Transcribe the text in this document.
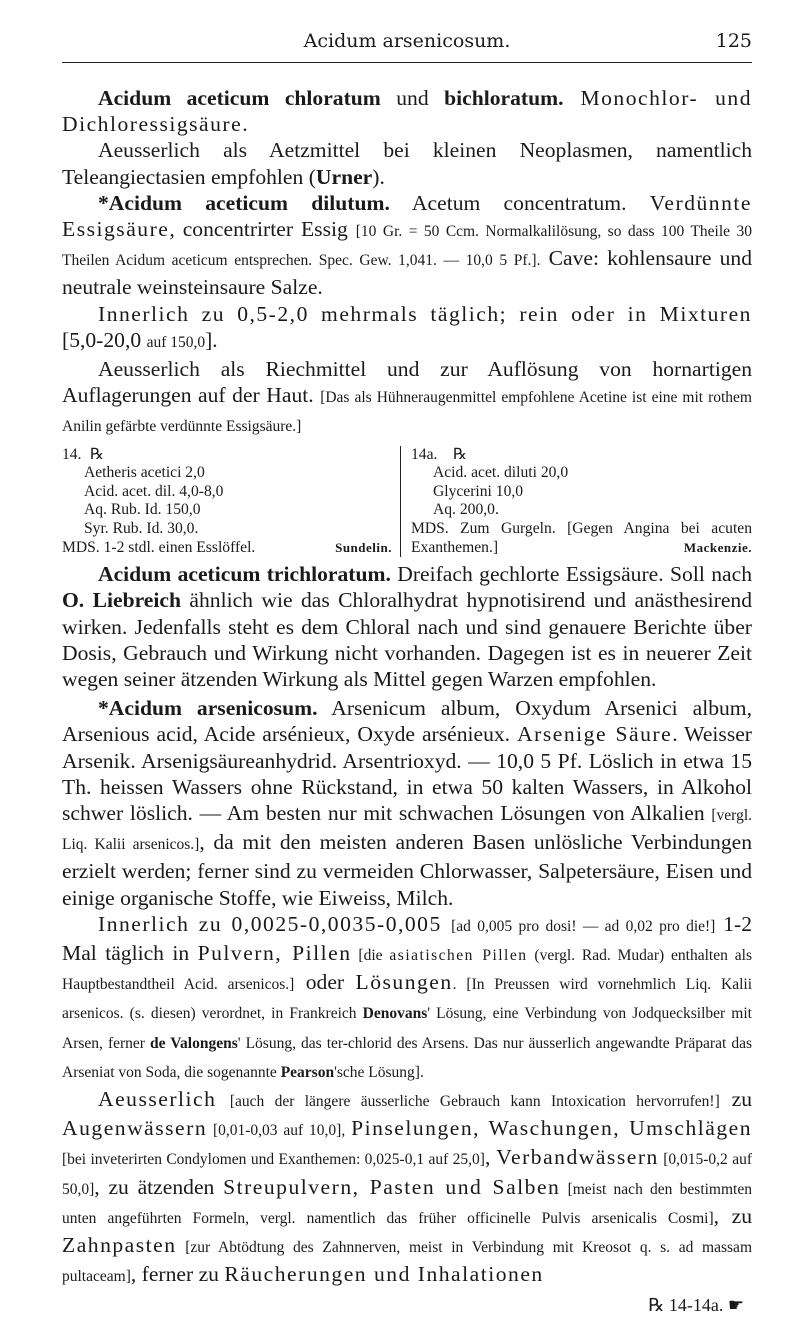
Acidum arsenicosum.	125

Acidum aceticum chloratum und bichloratum. Monochlor- und Dichloressigsäure.

Aeusserlich als Aetzmittel bei kleinen Neoplasmen, namentlich Teleangiectasien empfohlen (Urner).

*Acidum aceticum dilutum. Acetum concentratum. Verdünnte Essigsäure, concentrirter Essig [10 Gr. = 50 Ccm. Normalkalilösung, so dass 100 Theile 30 Theilen Acidum aceticum entsprechen. Spec. Gew. 1,041. — 10,0 5 Pf.]. Cave: kohlensaure und neutrale weinsteinsaure Salze.

Innerlich zu 0,5-2,0 mehrmals täglich; rein oder in Mixturen [5,0-20,0 auf 150,0].

Aeusserlich als Riechmittel und zur Auflösung von hornartigen Auflagerungen auf der Haut. [Das als Hühneraugenmittel empfohlene Acetine ist eine mit rothem Anilin gefärbte verdünnte Essigsäure.]

14. ℞
Aetheris acetici 2,0
Acid. acet. dil. 4,0-8,0
Aq. Rub. Id. 150,0
Syr. Rub. Id. 30,0.
MDS. 1-2 stdl. einen Esslöffel.	Sundelin.
14a. ℞
Acid. acet. diluti 20,0
Glycerini 10,0
Aq. 200,0.
MDS. Zum Gurgeln. [Gegen Angina bei acuten Exanthemen.]	Mackenzie.

Acidum aceticum trichloratum. Dreifach gechlorte Essigsäure. Soll nach O. Liebreich ähnlich wie das Chloralhydrat hypnotisirend und anästhesirend wirken. Jedenfalls steht es dem Chloral nach und sind genauere Berichte über Dosis, Gebrauch und Wirkung nicht vorhanden. Dagegen ist es in neuerer Zeit wegen seiner ätzenden Wirkung als Mittel gegen Warzen empfohlen.

*Acidum arsenicosum. Arsenicum album, Oxydum Arsenici album, Arsenious acid, Acide arsénieux, Oxyde arsénieux. Arsenige Säure. Weisser Arsenik. Arsenigsäureanhydrid. Arsentrioxyd. — 10,0 5 Pf. Löslich in etwa 15 Th. heissen Wassers ohne Rückstand, in etwa 50 kalten Wassers, in Alkohol schwer löslich. — Am besten nur mit schwachen Lösungen von Alkalien [vergl. Liq. Kalii arsenicos.], da mit den meisten anderen Basen unlösliche Verbindungen erzielt werden; ferner sind zu vermeiden Chlorwasser, Salpetersäure, Eisen und einige organische Stoffe, wie Eiweiss, Milch.

Innerlich zu 0,0025-0,0035-0,005 [ad 0,005 pro dosi! — ad 0,02 pro die!] 1-2 Mal täglich in Pulvern, Pillen [die asiatischen Pillen (vergl. Rad. Mudar) enthalten als Hauptbestandtheil Acid. arsenicos.] oder Lösungen. [In Preussen wird vornehmlich Liq. Kalii arsenicos. (s. diesen) verordnet, in Frankreich Denovans' Lösung, eine Verbindung von Jodquecksilber mit Arsen, ferner de Valongens' Lösung, das ter-chlorid des Arsens. Das nur äusserlich angewandte Präparat das Arseniat von Soda, die sogenannte Pearson'sche Lösung].

Aeusserlich [auch der längere äusserliche Gebrauch kann Intoxication hervorrufen!] zu Augenwässern [0,01-0,03 auf 10,0], Pinselungen, Waschungen, Umschlägen [bei inveterirten Condylomen und Exanthemen: 0,025-0,1 auf 25,0], Verbandwässern [0,015-0,2 auf 50,0], zu ätzenden Streupulvern, Pasten und Salben [meist nach den bestimmten unten angeführten Formeln, vergl. namentlich das früher officinelle Pulvis arsenicalis Cosmi], zu Zahnpasten [zur Abtödtung des Zahnnerven, meist in Verbindung mit Kreosot q. s. ad massam pultaceam], ferner zu Räucherungen und Inhalationen

℞ 14-14a. ☛
